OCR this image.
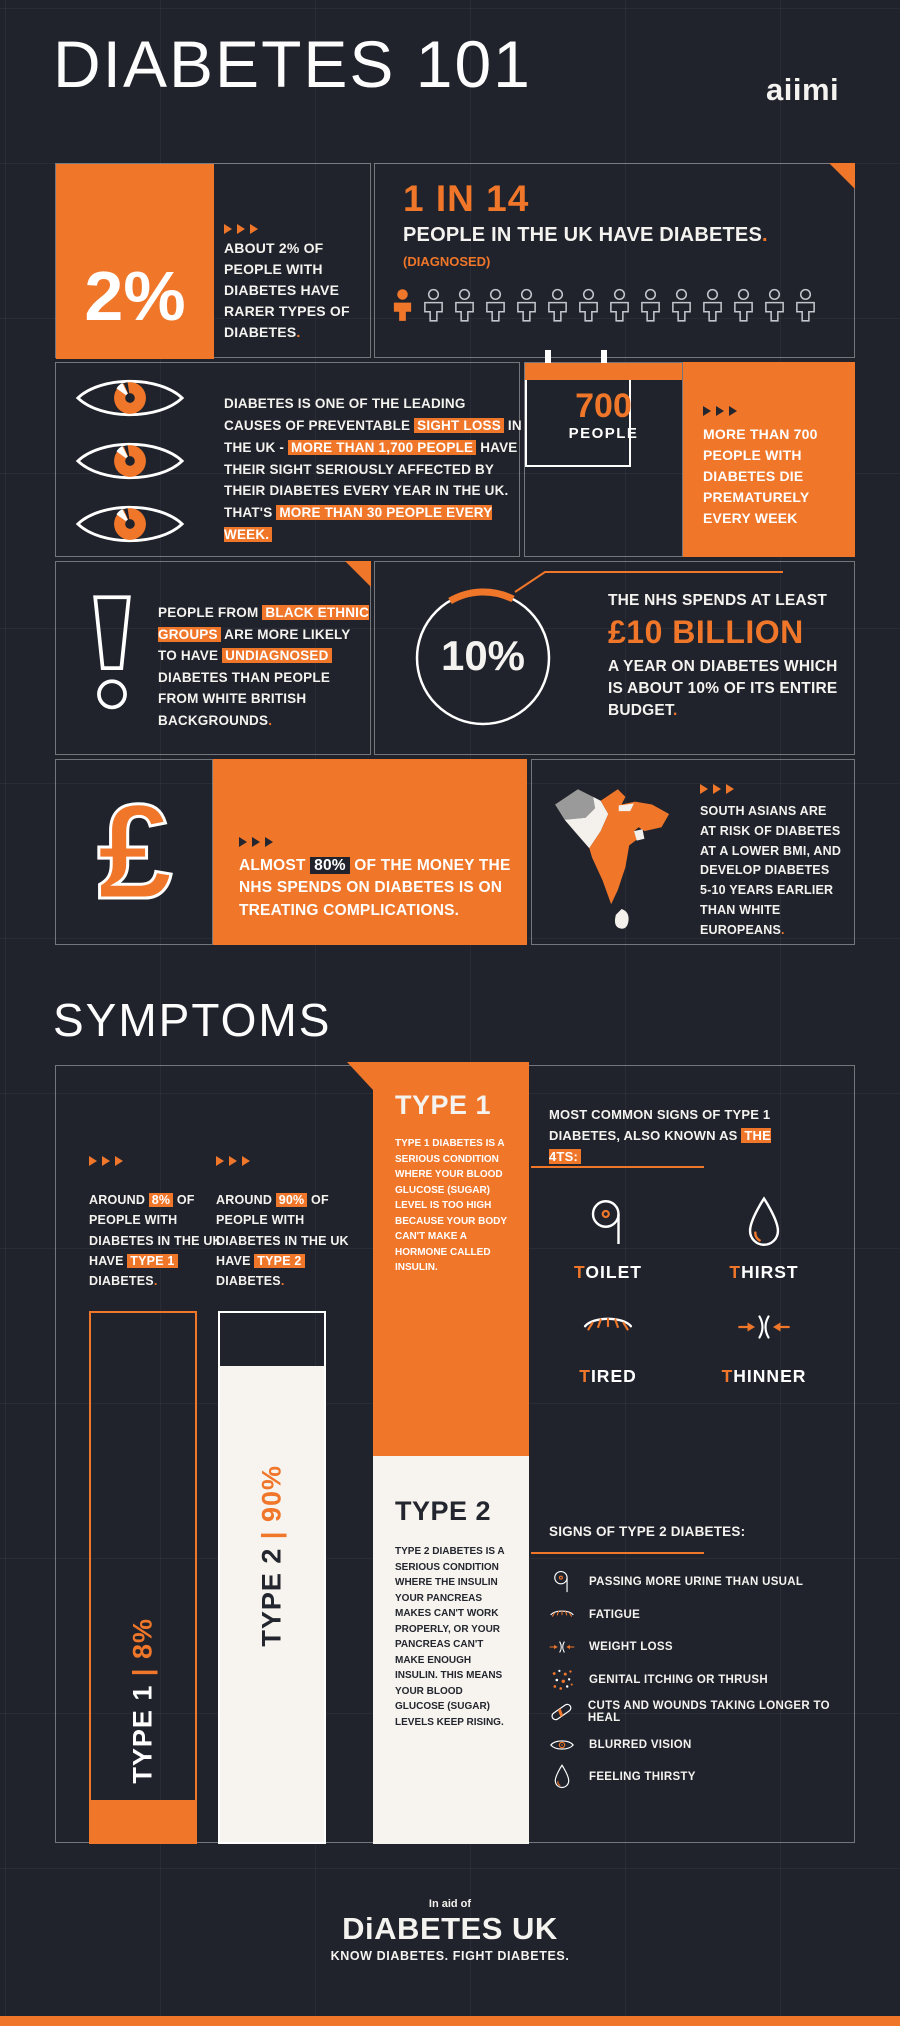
DIABETES 101	aiimi
2%
ABOUT 2% OF PEOPLE WITH DIABETES HAVE RARER TYPES OF DIABETES.
1 IN 14
PEOPLE IN THE UK HAVE DIABETES.
(DIAGNOSED)
DIABETES IS ONE OF THE LEADING CAUSES OF PREVENTABLE SIGHT LOSS IN THE UK - MORE THAN 1,700 PEOPLE HAVE THEIR SIGHT SERIOUSLY AFFECTED BY THEIR DIABETES EVERY YEAR IN THE UK. THAT'S MORE THAN 30 PEOPLE EVERY WEEK.
700
PEOPLE	MORE THAN 700 PEOPLE WITH DIABETES DIE PREMATURELY EVERY WEEK
PEOPLE FROM BLACK ETHNIC GROUPS ARE MORE LIKELY TO HAVE UNDIAGNOSED DIABETES THAN PEOPLE FROM WHITE BRITISH BACKGROUNDS.
10%
THE NHS SPENDS AT LEAST
£10 BILLION
A YEAR ON DIABETES WHICH IS ABOUT 10% OF ITS ENTIRE BUDGET.
£	ALMOST 80% OF THE MONEY THE NHS SPENDS ON DIABETES IS ON TREATING COMPLICATIONS.
SOUTH ASIANS ARE AT RISK OF DIABETES AT A LOWER BMI, AND DEVELOP DIABETES 5-10 YEARS EARLIER THAN WHITE EUROPEANS.
SYMPTOMS
AROUND 8% OF PEOPLE WITH DIABETES IN THE UK HAVE TYPE 1 DIABETES.
AROUND 90% OF PEOPLE WITH DIABETES IN THE UK HAVE TYPE 2 DIABETES.
TYPE 1 | 8%	TYPE 2 | 90%
TYPE 1
TYPE 1 DIABETES IS A SERIOUS CONDITION WHERE YOUR BLOOD GLUCOSE (SUGAR) LEVEL IS TOO HIGH BECAUSE YOUR BODY CAN'T MAKE A HORMONE CALLED INSULIN.
TYPE 2
TYPE 2 DIABETES IS A SERIOUS CONDITION WHERE THE INSULIN YOUR PANCREAS MAKES CAN'T WORK PROPERLY, OR YOUR PANCREAS CAN'T MAKE ENOUGH INSULIN. THIS MEANS YOUR BLOOD GLUCOSE (SUGAR) LEVELS KEEP RISING.
MOST COMMON SIGNS OF TYPE 1 DIABETES, ALSO KNOWN AS THE 4TS:
TOILET	THIRST
TIRED	THINNER
SIGNS OF TYPE 2 DIABETES:
PASSING MORE URINE THAN USUAL
FATIGUE
WEIGHT LOSS
GENITAL ITCHING OR THRUSH
CUTS AND WOUNDS TAKING LONGER TO HEAL
BLURRED VISION
FEELING THIRSTY
In aid of
DiABETES UK
KNOW DIABETES. FIGHT DIABETES.
